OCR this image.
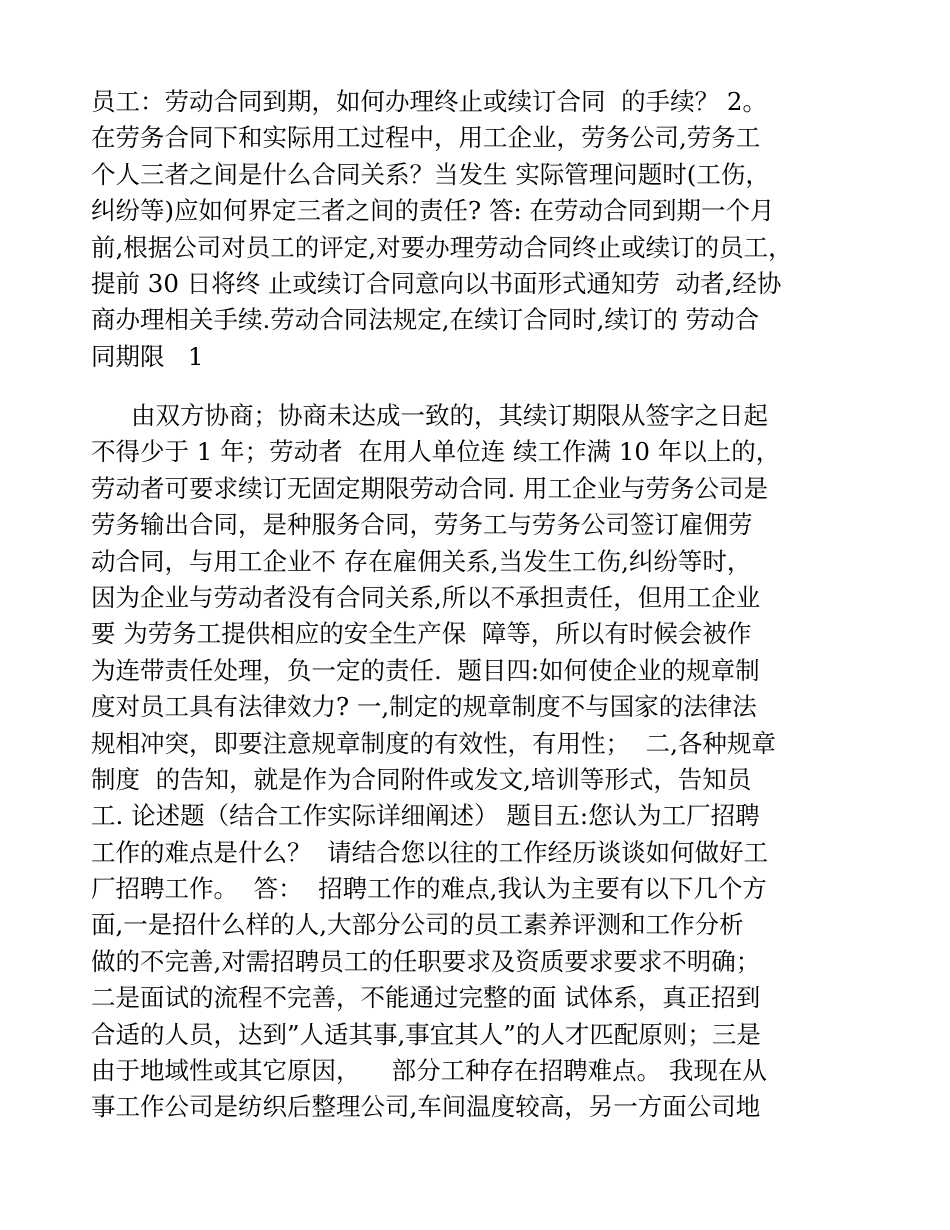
员工：劳动合同到期，如何办理终止或续订合同  的手续？ 2。
在劳务合同下和实际用工过程中，用工企业，劳务公司,劳务工
个人三者之间是什么合同关系？当发生 实际管理问题时(工伤，
纠纷等)应如何界定三者之间的责任? 答: 在劳动合同到期一个月
前,根据公司对员工的评定,对要办理劳动合同终止或续订的员工，
提前 30 日将终 止或续订合同意向以书面形式通知劳  动者,经协
商办理相关手续.劳动合同法规定,在续订合同时,续订的 劳动合
同期限   1
由双方协商；协商未达成一致的，其续订期限从签字之日起
不得少于 1 年；劳动者  在用人单位连 续工作满 10 年以上的，
劳动者可要求续订无固定期限劳动合同. 用工企业与劳务公司是
劳务输出合同，是种服务合同，劳务工与劳务公司签订雇佣劳
动合同，与用工企业不 存在雇佣关系,当发生工伤,纠纷等时，
因为企业与劳动者没有合同关系,所以不承担责任，但用工企业
要 为劳务工提供相应的安全生产保  障等，所以有时候会被作
为连带责任处理，负一定的责任.  题目四:如何使企业的规章制
度对员工具有法律效力? 一,制定的规章制度不与国家的法律法
规相冲突，即要注意规章制度的有效性，有用性；  二,各种规章
制度  的告知，就是作为合同附件或发文,培训等形式，告知员
工. 论述题（结合工作实际详细阐述） 题目五:您认为工厂招聘
工作的难点是什么？  请结合您以往的工作经历谈谈如何做好工
厂招聘工作。  答：  招聘工作的难点,我认为主要有以下几个方
面,一是招什么样的人,大部分公司的员工素养评测和工作分析
做的不完善,对需招聘员工的任职要求及资质要求要求不明确；
二是面试的流程不完善，不能通过完整的面 试体系，真正招到
合适的人员，达到”人适其事,事宜其人”的人才匹配原则；三是
由于地域性或其它原因，    部分工种存在招聘难点。 我现在从
事工作公司是纺织后整理公司,车间温度较高，另一方面公司地
